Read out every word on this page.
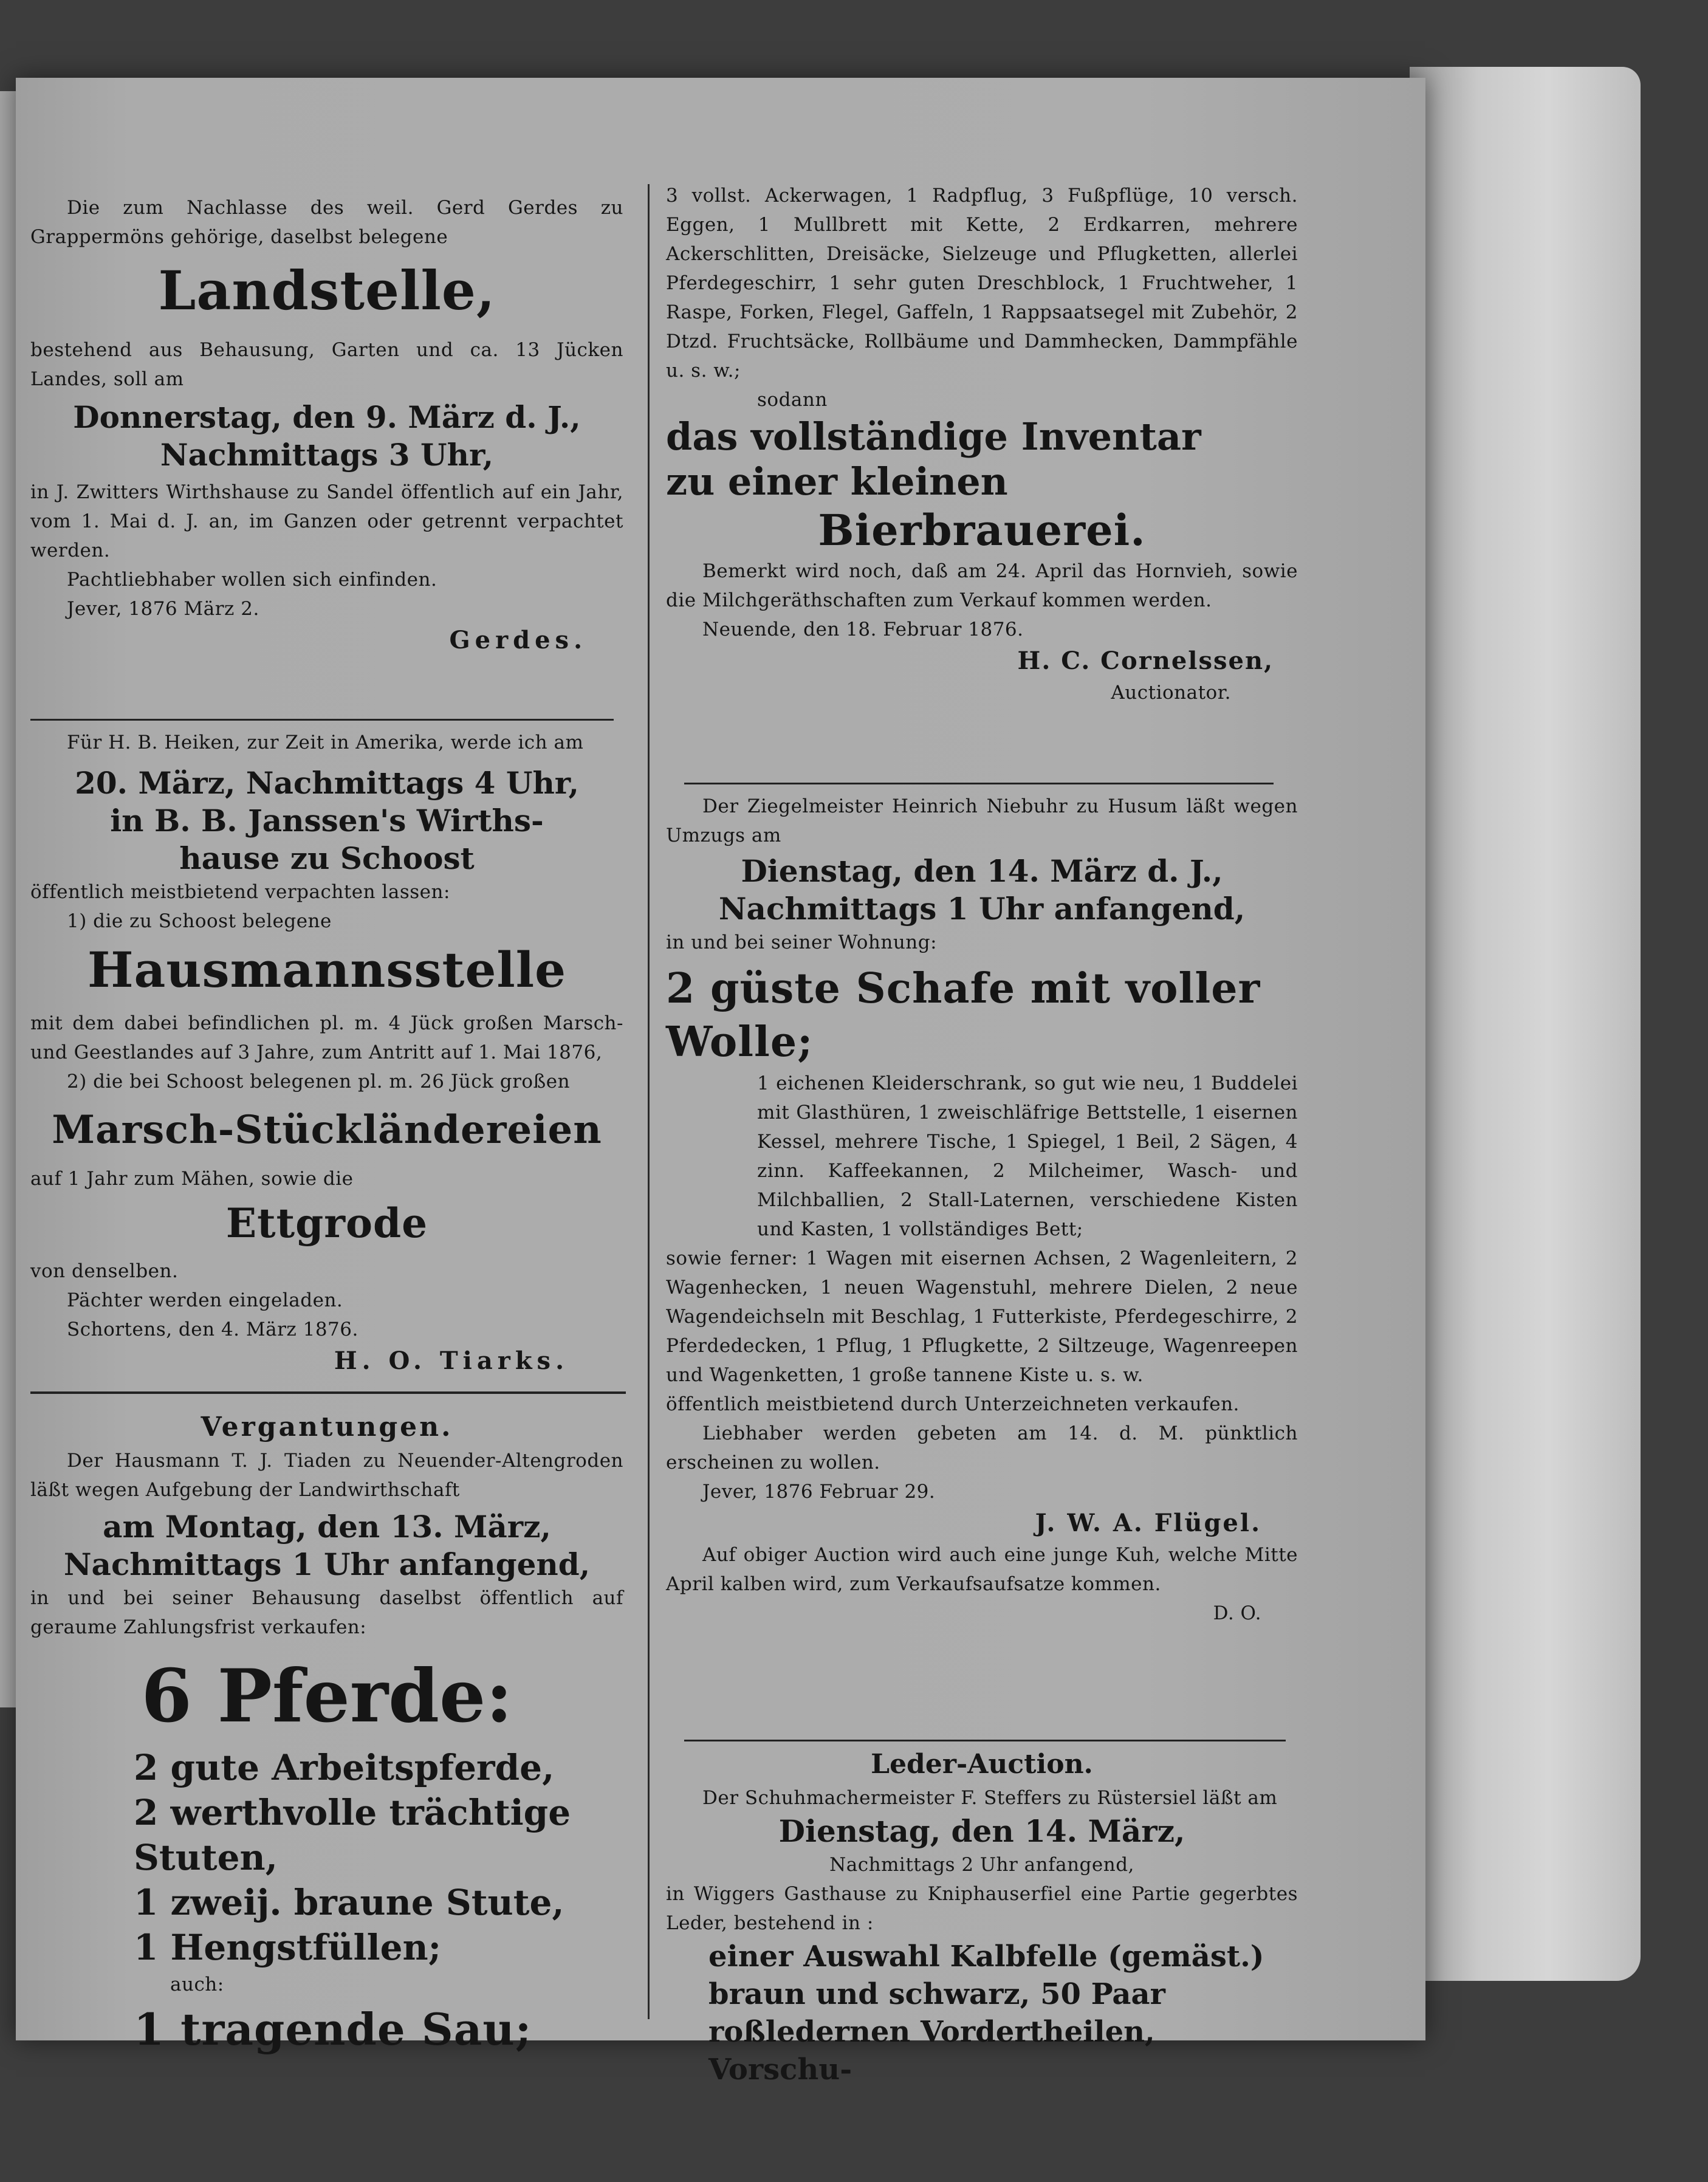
Die zum Nachlasse des weil. Gerd Gerdes zu Grappermöns gehörige, daselbst belegene

Landstelle,

bestehend aus Behausung, Garten und ca. 13 Jücken Landes, soll am

Donnerstag, den 9. März d. J.,
Nachmittags 3 Uhr,

in J. Zwitters Wirthshause zu Sandel öffentlich auf ein Jahr, vom 1. Mai d. J. an, im Ganzen oder getrennt verpachtet werden.

Pachtliebhaber wollen sich einfinden.

Jever, 1876 März 2.

Gerdes.

Für H. B. Heiken, zur Zeit in Amerika, werde ich am

20. März, Nachmittags 4 Uhr,
in B. B. Janssen's Wirths-
hause zu Schoost

öffentlich meistbietend verpachten lassen:

1) die zu Schoost belegene

Hausmannsstelle

mit dem dabei befindlichen pl. m. 4 Jück großen Marsch- und Geestlandes auf 3 Jahre, zum Antritt auf 1. Mai 1876,

2) die bei Schoost belegenen pl. m. 26 Jück großen

Marsch-Stückländereien

auf 1 Jahr zum Mähen, sowie die

Ettgrode

von denselben.

Pächter werden eingeladen.

Schortens, den 4. März 1876.

H. O. Tiarks.
Vergantungen.

Der Hausmann T. J. Tiaden zu Neuender-Altengroden läßt wegen Aufgebung der Landwirthschaft

am Montag, den 13. März,
Nachmittags 1 Uhr anfangend,

in und bei seiner Behausung daselbst öffentlich auf geraume Zahlungsfrist verkaufen:

6 Pferde:
2 gute Arbeitspferde,
2 werthvolle trächtige Stuten,
1 zweij. braune Stute,
1 Hengstfüllen;

auch:

1 tragende Sau;

3 vollst. Ackerwagen, 1 Radpflug, 3 Fußpflüge, 10 versch. Eggen, 1 Mullbrett mit Kette, 2 Erdkarren, mehrere Ackerschlitten, Dreisäcke, Sielzeuge und Pflugketten, allerlei Pferdegeschirr, 1 sehr guten Dreschblock, 1 Fruchtweher, 1 Raspe, Forken, Flegel, Gaffeln, 1 Rappsaatsegel mit Zubehör, 2 Dtzd. Fruchtsäcke, Rollbäume und Dammhecken, Dammpfähle u. s. w.;

sodann

das vollständige Inventar
zu einer kleinen
Bierbrauerei.

Bemerkt wird noch, daß am 24. April das Hornvieh, sowie die Milchgeräthschaften zum Verkauf kommen werden.

Neuende, den 18. Februar 1876.

H. C. Cornelssen,

Auctionator.

Der Ziegelmeister Heinrich Niebuhr zu Husum läßt wegen Umzugs am

Dienstag, den 14. März d. J.,
Nachmittags 1 Uhr anfangend,

in und bei seiner Wohnung:

2 güste Schafe mit voller
Wolle;

1 eichenen Kleiderschrank, so gut wie neu, 1 Buddelei mit Glasthüren, 1 zweischläfrige Bettstelle, 1 eisernen Kessel, mehrere Tische, 1 Spiegel, 1 Beil, 2 Sägen, 4 zinn. Kaffeekannen, 2 Milcheimer, Wasch- und Milchballien, 2 Stall-Laternen, verschiedene Kisten und Kasten, 1 vollständiges Bett;

sowie ferner: 1 Wagen mit eisernen Achsen, 2 Wagenleitern, 2 Wagenhecken, 1 neuen Wagenstuhl, mehrere Dielen, 2 neue Wagendeichseln mit Beschlag, 1 Futterkiste, Pferdegeschirre, 2 Pferdedecken, 1 Pflug, 1 Pflugkette, 2 Siltzeuge, Wagenreepen und Wagenketten, 1 große tannene Kiste u. s. w.

öffentlich meistbietend durch Unterzeichneten verkaufen.

Liebhaber werden gebeten am 14. d. M. pünktlich erscheinen zu wollen.

Jever, 1876 Februar 29.

J. W. A. Flügel.

Auf obiger Auction wird auch eine junge Kuh, welche Mitte April kalben wird, zum Verkaufsaufsatze kommen.

D. O.

Leder-Auction.

Der Schuhmachermeister F. Steffers zu Rüstersiel läßt am

Dienstag, den 14. März,

Nachmittags 2 Uhr anfangend,

in Wiggers Gasthause zu Kniphauserfiel eine Partie gegerbtes Leder, bestehend in :

einer Auswahl Kalbfelle (gemäst.) braun und schwarz, 50 Paar roßledernen Vordertheilen, Vorschu-
